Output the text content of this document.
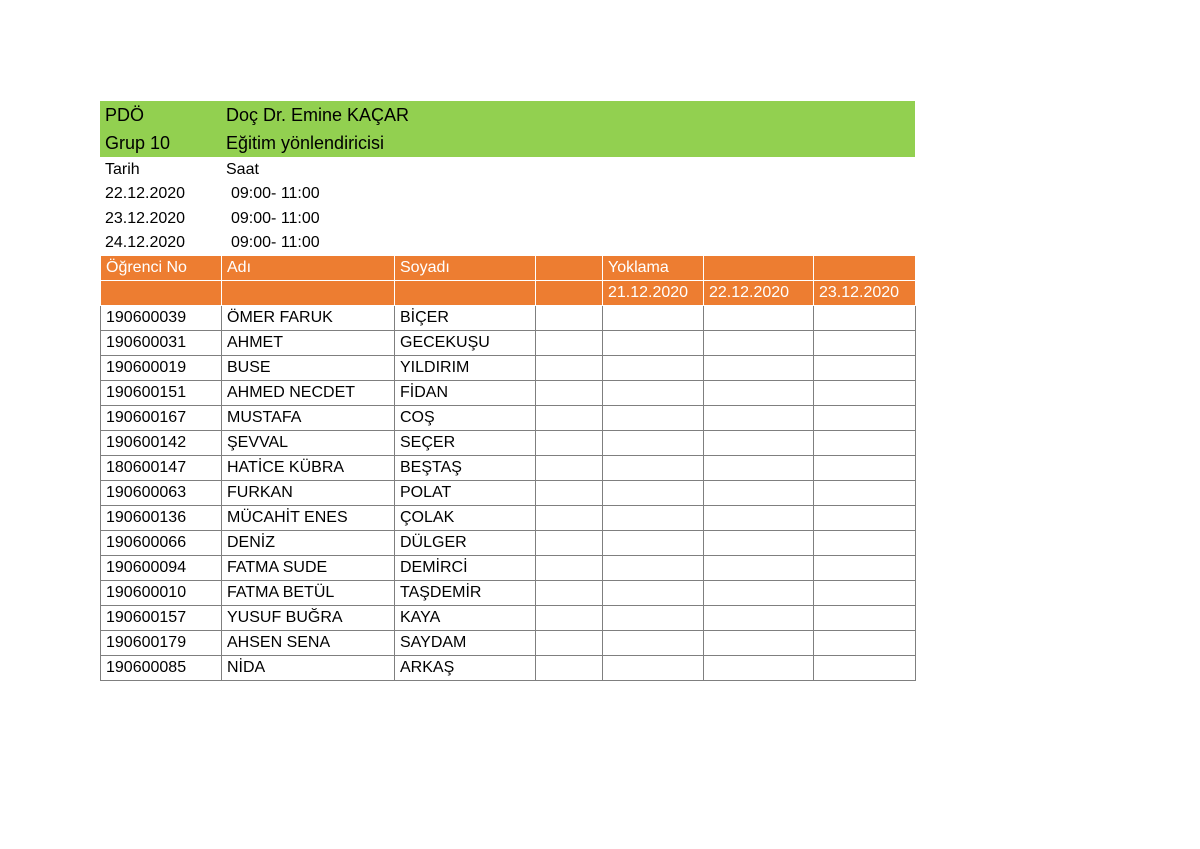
PDÖ	Doç Dr. Emine KAÇAR
Grup 10	Eğitim yönlendiricisi
Tarih	Saat
22.12.2020	09:00- 11:00
23.12.2020	09:00- 11:00
24.12.2020	09:00- 11:00
Öğrenci No	Adı	Soyadı		Yoklama		
				21.12.2020	22.12.2020	23.12.2020
190600039	ÖMER FARUK	BİÇER				
190600031	AHMET	GECEKUŞU				
190600019	BUSE	YILDIRIM				
190600151	AHMED NECDET	FİDAN				
190600167	MUSTAFA	COŞ				
190600142	ŞEVVAL	SEÇER				
180600147	HATİCE KÜBRA	BEŞTAŞ				
190600063	FURKAN	POLAT				
190600136	MÜCAHİT ENES	ÇOLAK				
190600066	DENİZ	DÜLGER				
190600094	FATMA SUDE	DEMİRCİ				
190600010	FATMA BETÜL	TAŞDEMİR				
190600157	YUSUF BUĞRA	KAYA				
190600179	AHSEN SENA	SAYDAM				
190600085	NİDA	ARKAŞ				
